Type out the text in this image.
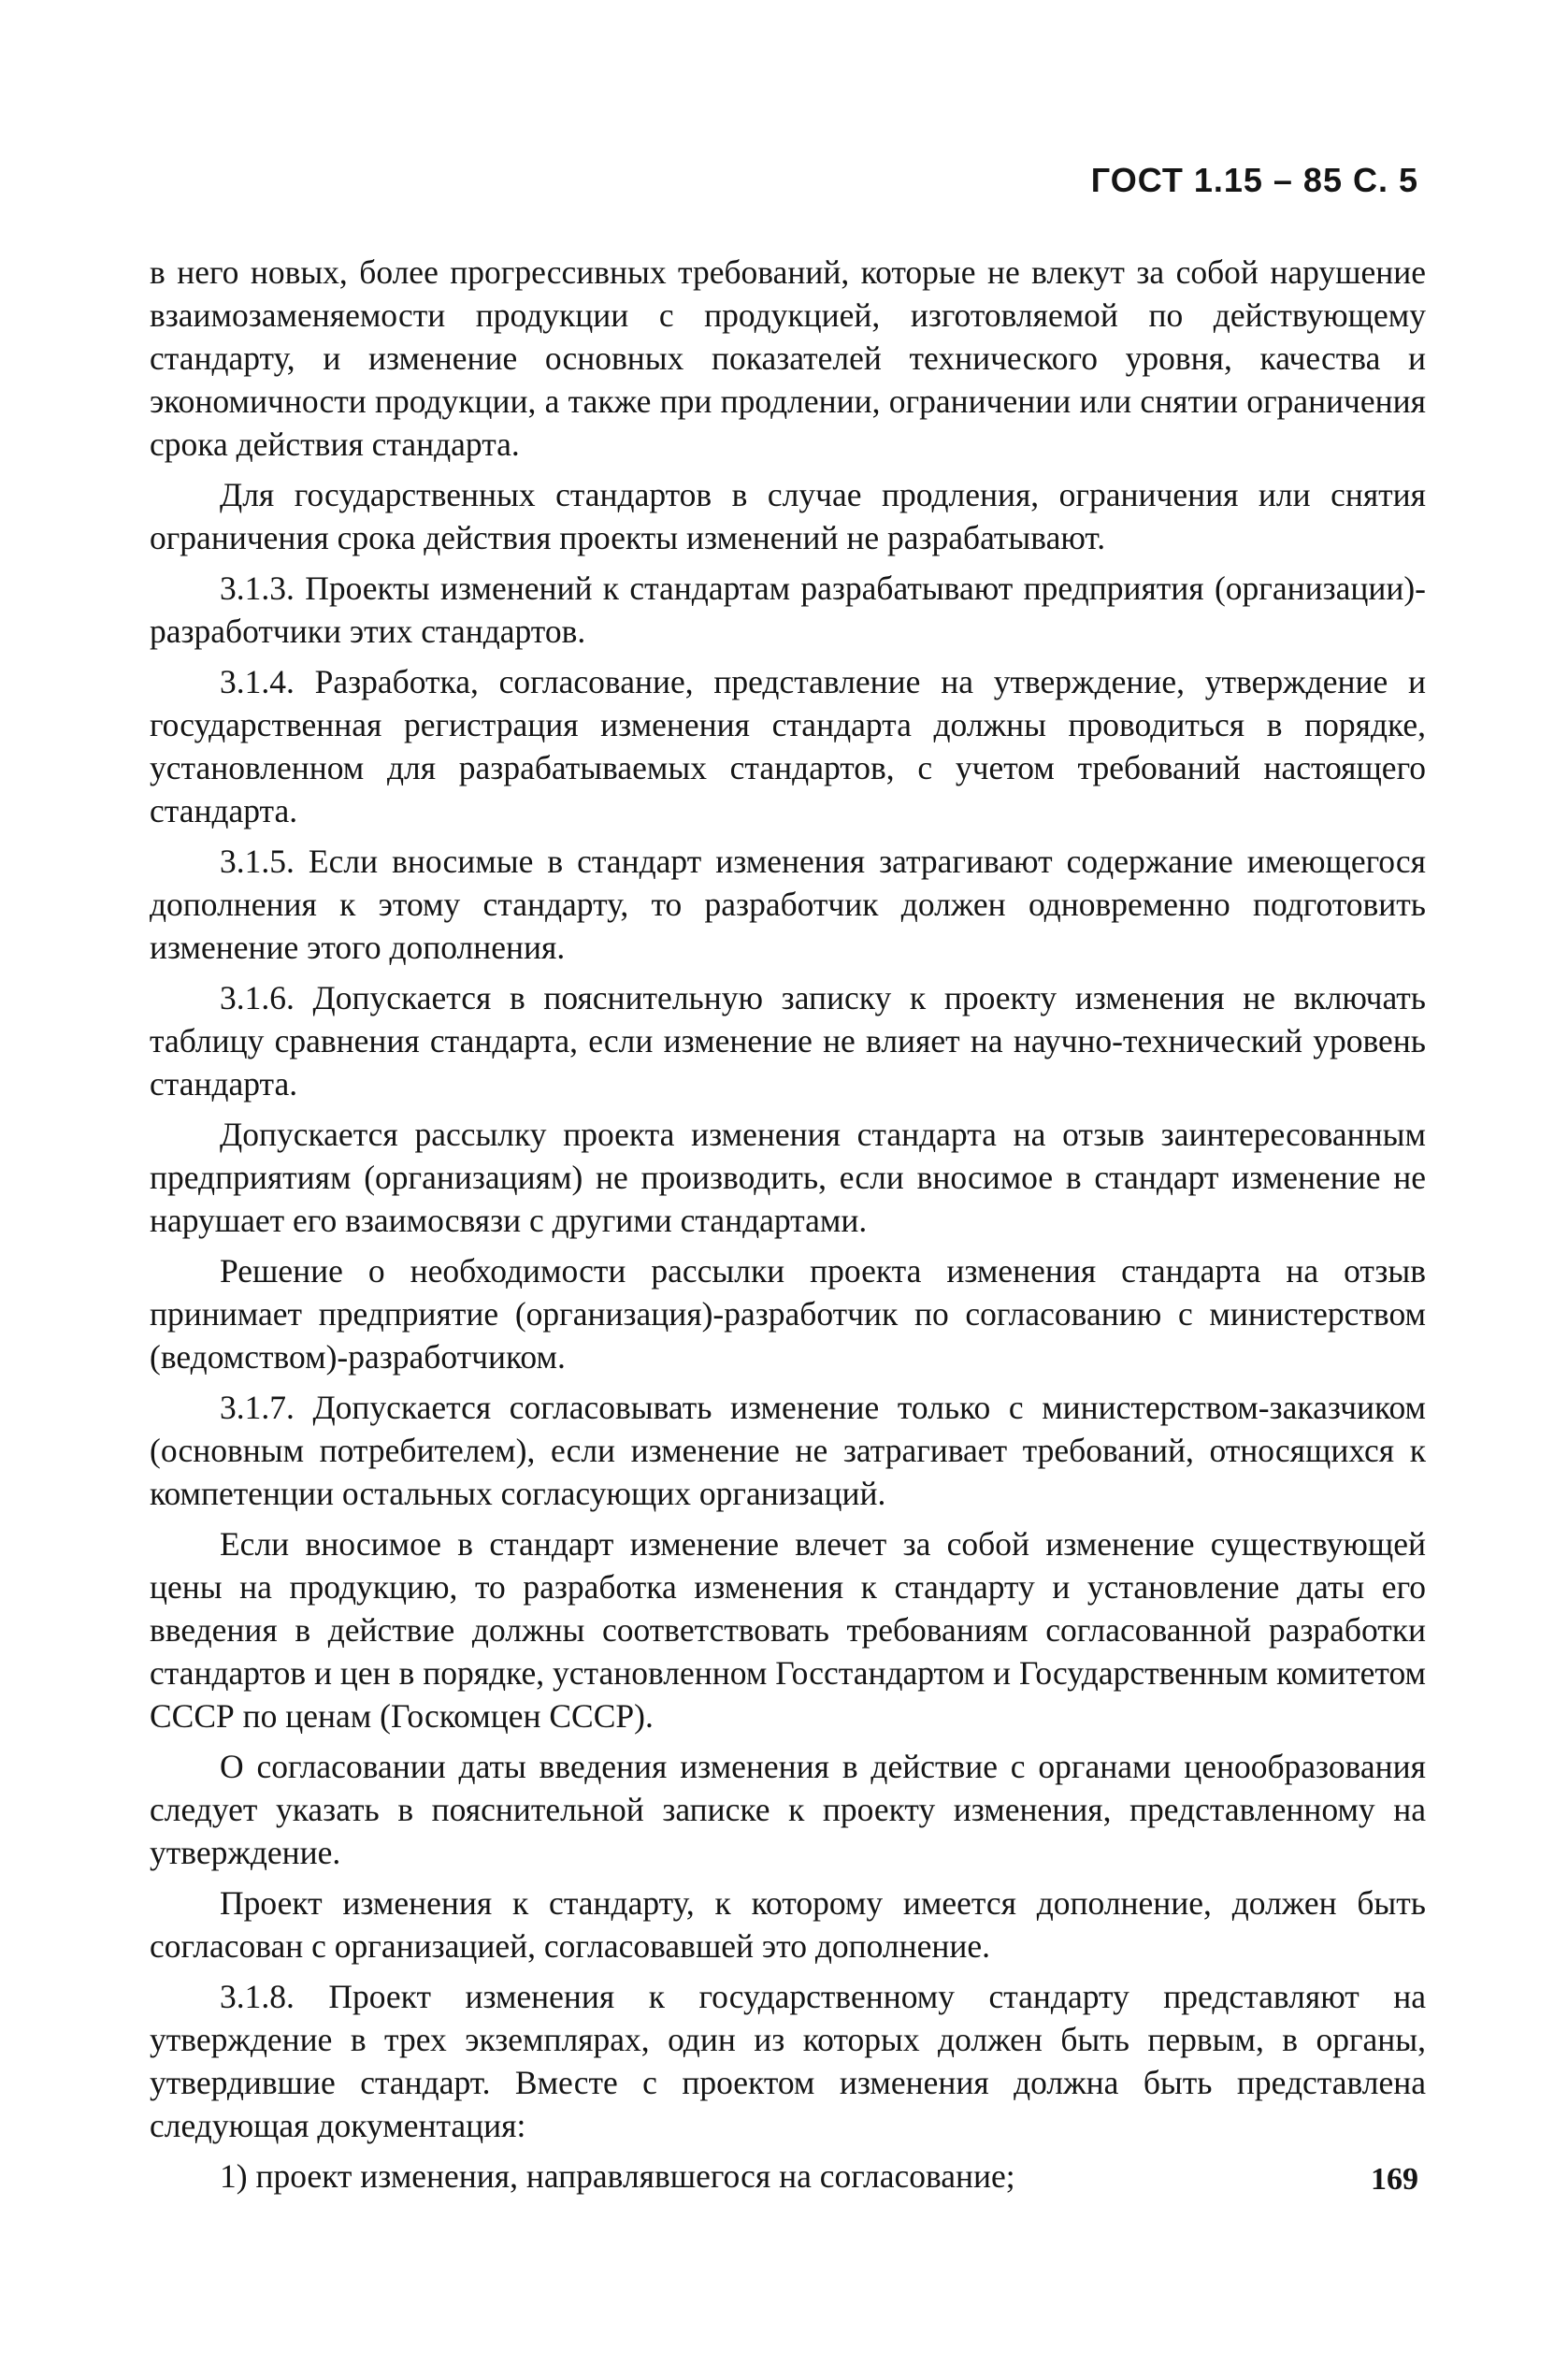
ГОСТ 1.15 – 85 С. 5

в него новых, более прогрессивных требований, которые не влекут за собой нарушение взаимозаменяемости продукции с продукцией, изготовляемой по действующему стандарту, и изменение основных показателей технического уровня, качества и экономичности продукции, а также при продлении, ограничении или снятии ограничения срока действия стандарта.

Для государственных стандартов в случае продления, ограничения или снятия ограничения срока действия проекты изменений не разрабатывают.

3.1.3. Проекты изменений к стандартам разрабатывают предприятия (организации)-разработчики этих стандартов.

3.1.4. Разработка, согласование, представление на утверждение, утверждение и государственная регистрация изменения стандарта должны проводиться в порядке, установленном для разрабатываемых стандартов, с учетом требований настоящего стандарта.

3.1.5. Если вносимые в стандарт изменения затрагивают содержание имеющегося дополнения к этому стандарту, то разработчик должен одновременно подготовить изменение этого дополнения.

3.1.6. Допускается в пояснительную записку к проекту изменения не включать таблицу сравнения стандарта, если изменение не влияет на научно-технический уровень стандарта.

Допускается рассылку проекта изменения стандарта на отзыв заинтересованным предприятиям (организациям) не производить, если вносимое в стандарт изменение не нарушает его взаимосвязи с другими стандартами.

Решение о необходимости рассылки проекта изменения стандарта на отзыв принимает предприятие (организация)-разработчик по согласованию с министерством (ведомством)-разработчиком.

3.1.7. Допускается согласовывать изменение только с министерством-заказчиком (основным потребителем), если изменение не затрагивает требований, относящихся к компетенции остальных согласующих организаций.

Если вносимое в стандарт изменение влечет за собой изменение существующей цены на продукцию, то разработка изменения к стандарту и установление даты его введения в действие должны соответствовать требованиям согласованной разработки стандартов и цен в порядке, установленном Госстандартом и Государственным комитетом СССР по ценам (Госкомцен СССР).

О согласовании даты введения изменения в действие с органами ценообразования следует указать в пояснительной записке к проекту изменения, представленному на утверждение.

Проект изменения к стандарту, к которому имеется дополнение, должен быть согласован с организацией, согласовавшей это дополнение.

3.1.8. Проект изменения к государственному стандарту представляют на утверждение в трех экземплярах, один из которых должен быть первым, в органы, утвердившие стандарт. Вместе с проектом изменения должна быть представлена следующая документация:

1) проект изменения, направлявшегося на согласование;	169
